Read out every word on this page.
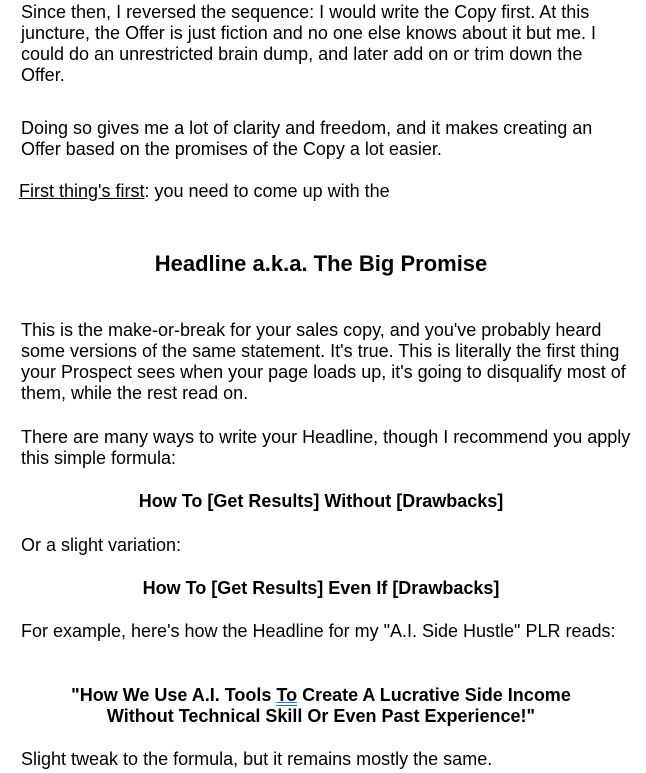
Since then, I reversed the sequence: I would write the Copy first. At this juncture, the Offer is just fiction and no one else knows about it but me. I could do an unrestricted brain dump, and later add on or trim down the Offer.

Doing so gives me a lot of clarity and freedom, and it makes creating an Offer based on the promises of the Copy a lot easier.

First thing's first: you need to come up with the

Headline a.k.a. The Big Promise

This is the make-or-break for your sales copy, and you've probably heard some versions of the same statement. It's true. This is literally the first thing your Prospect sees when your page loads up, it's going to disqualify most of them, while the rest read on.

There are many ways to write your Headline, though I recommend you apply this simple formula:

How To [Get Results] Without [Drawbacks]

Or a slight variation:

How To [Get Results] Even If [Drawbacks]

For example, here's how the Headline for my "A.I. Side Hustle" PLR reads:

"How We Use A.I. Tools To Create A Lucrative Side Income
Without Technical Skill Or Even Past Experience!"

Slight tweak to the formula, but it remains mostly the same.
